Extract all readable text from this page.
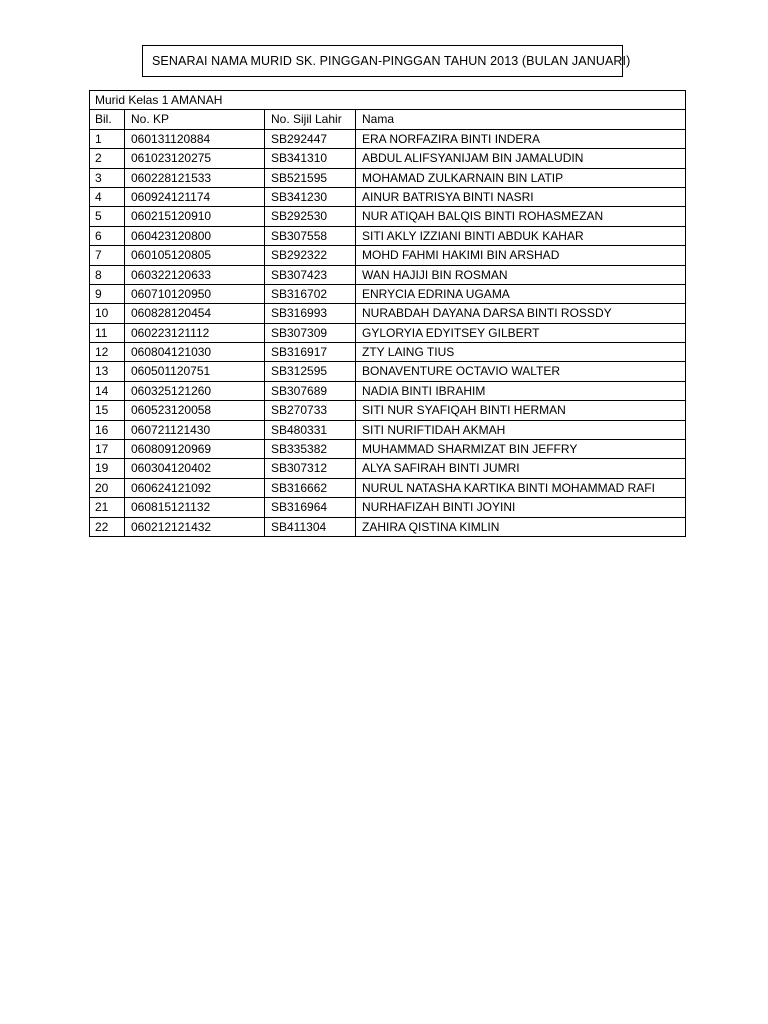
SENARAI NAMA MURID SK. PINGGAN-PINGGAN TAHUN 2013 (BULAN JANUARI)
Murid Kelas 1 AMANAH			
Bil.	No. KP	No. Sijil Lahir	Nama
1	060131120884	SB292447	ERA NORFAZIRA BINTI INDERA
2	061023120275	SB341310	ABDUL ALIFSYANIJAM BIN JAMALUDIN
3	060228121533	SB521595	MOHAMAD ZULKARNAIN BIN LATIP
4	060924121174	SB341230	AINUR BATRISYA BINTI NASRI
5	060215120910	SB292530	NUR ATIQAH BALQIS BINTI ROHASMEZAN
6	060423120800	SB307558	SITI AKLY IZZIANI BINTI ABDUK KAHAR
7	060105120805	SB292322	MOHD FAHMI HAKIMI BIN ARSHAD
8	060322120633	SB307423	WAN HAJIJI BIN ROSMAN
9	060710120950	SB316702	ENRYCIA EDRINA UGAMA
10	060828120454	SB316993	NURABDAH DAYANA DARSA BINTI ROSSDY
11	060223121112	SB307309	GYLORYIA EDYITSEY GILBERT
12	060804121030	SB316917	ZTY LAING TIUS
13	060501120751	SB312595	BONAVENTURE OCTAVIO WALTER
14	060325121260	SB307689	NADIA BINTI IBRAHIM
15	060523120058	SB270733	SITI NUR SYAFIQAH BINTI HERMAN
16	060721121430	SB480331	SITI NURIFTIDAH AKMAH
17	060809120969	SB335382	MUHAMMAD SHARMIZAT BIN JEFFRY
19	060304120402	SB307312	ALYA SAFIRAH BINTI JUMRI
20	060624121092	SB316662	NURUL NATASHA KARTIKA BINTI MOHAMMAD RAFI
21	060815121132	SB316964	NURHAFIZAH BINTI JOYINI
22	060212121432	SB411304	ZAHIRA QISTINA KIMLIN
